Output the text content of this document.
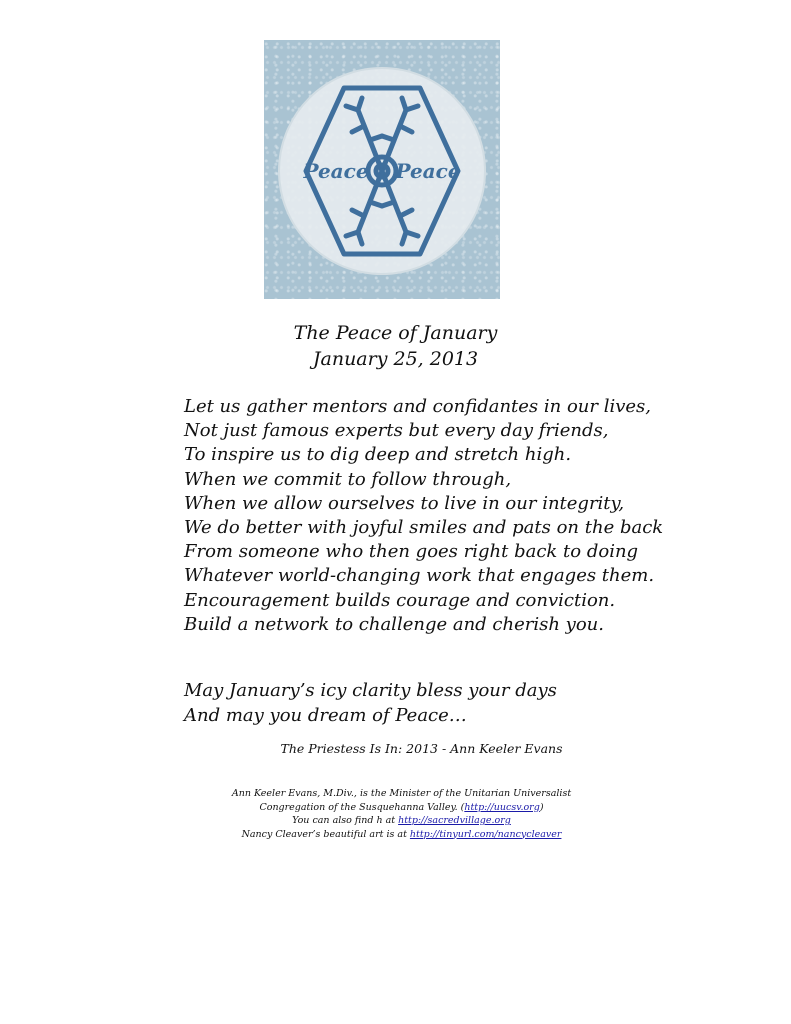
Peace Peace
The Peace of January
January 25, 2013
Let us gather mentors and confidantes in our lives,
Not just famous experts but every day friends,
To inspire us to dig deep and stretch high.
When we commit to follow through,
When we allow ourselves to live in our integrity,
We do better with joyful smiles and pats on the back
From someone who then goes right back to doing
Whatever world-changing work that engages them.
Encouragement builds courage and conviction.
Build a network to challenge and cherish you.
May January’s icy clarity bless your days
And may you dream of Peace…
The Priestess Is In: 2013 - Ann Keeler Evans
Ann Keeler Evans, M.Div., is the Minister of the Unitarian Universalist
Congregation of the Susquehanna Valley. (http://uucsv.org)
You can also find h at http://sacredvillage.org
Nancy Cleaver’s beautiful art is at http://tinyurl.com/nancycleaver
